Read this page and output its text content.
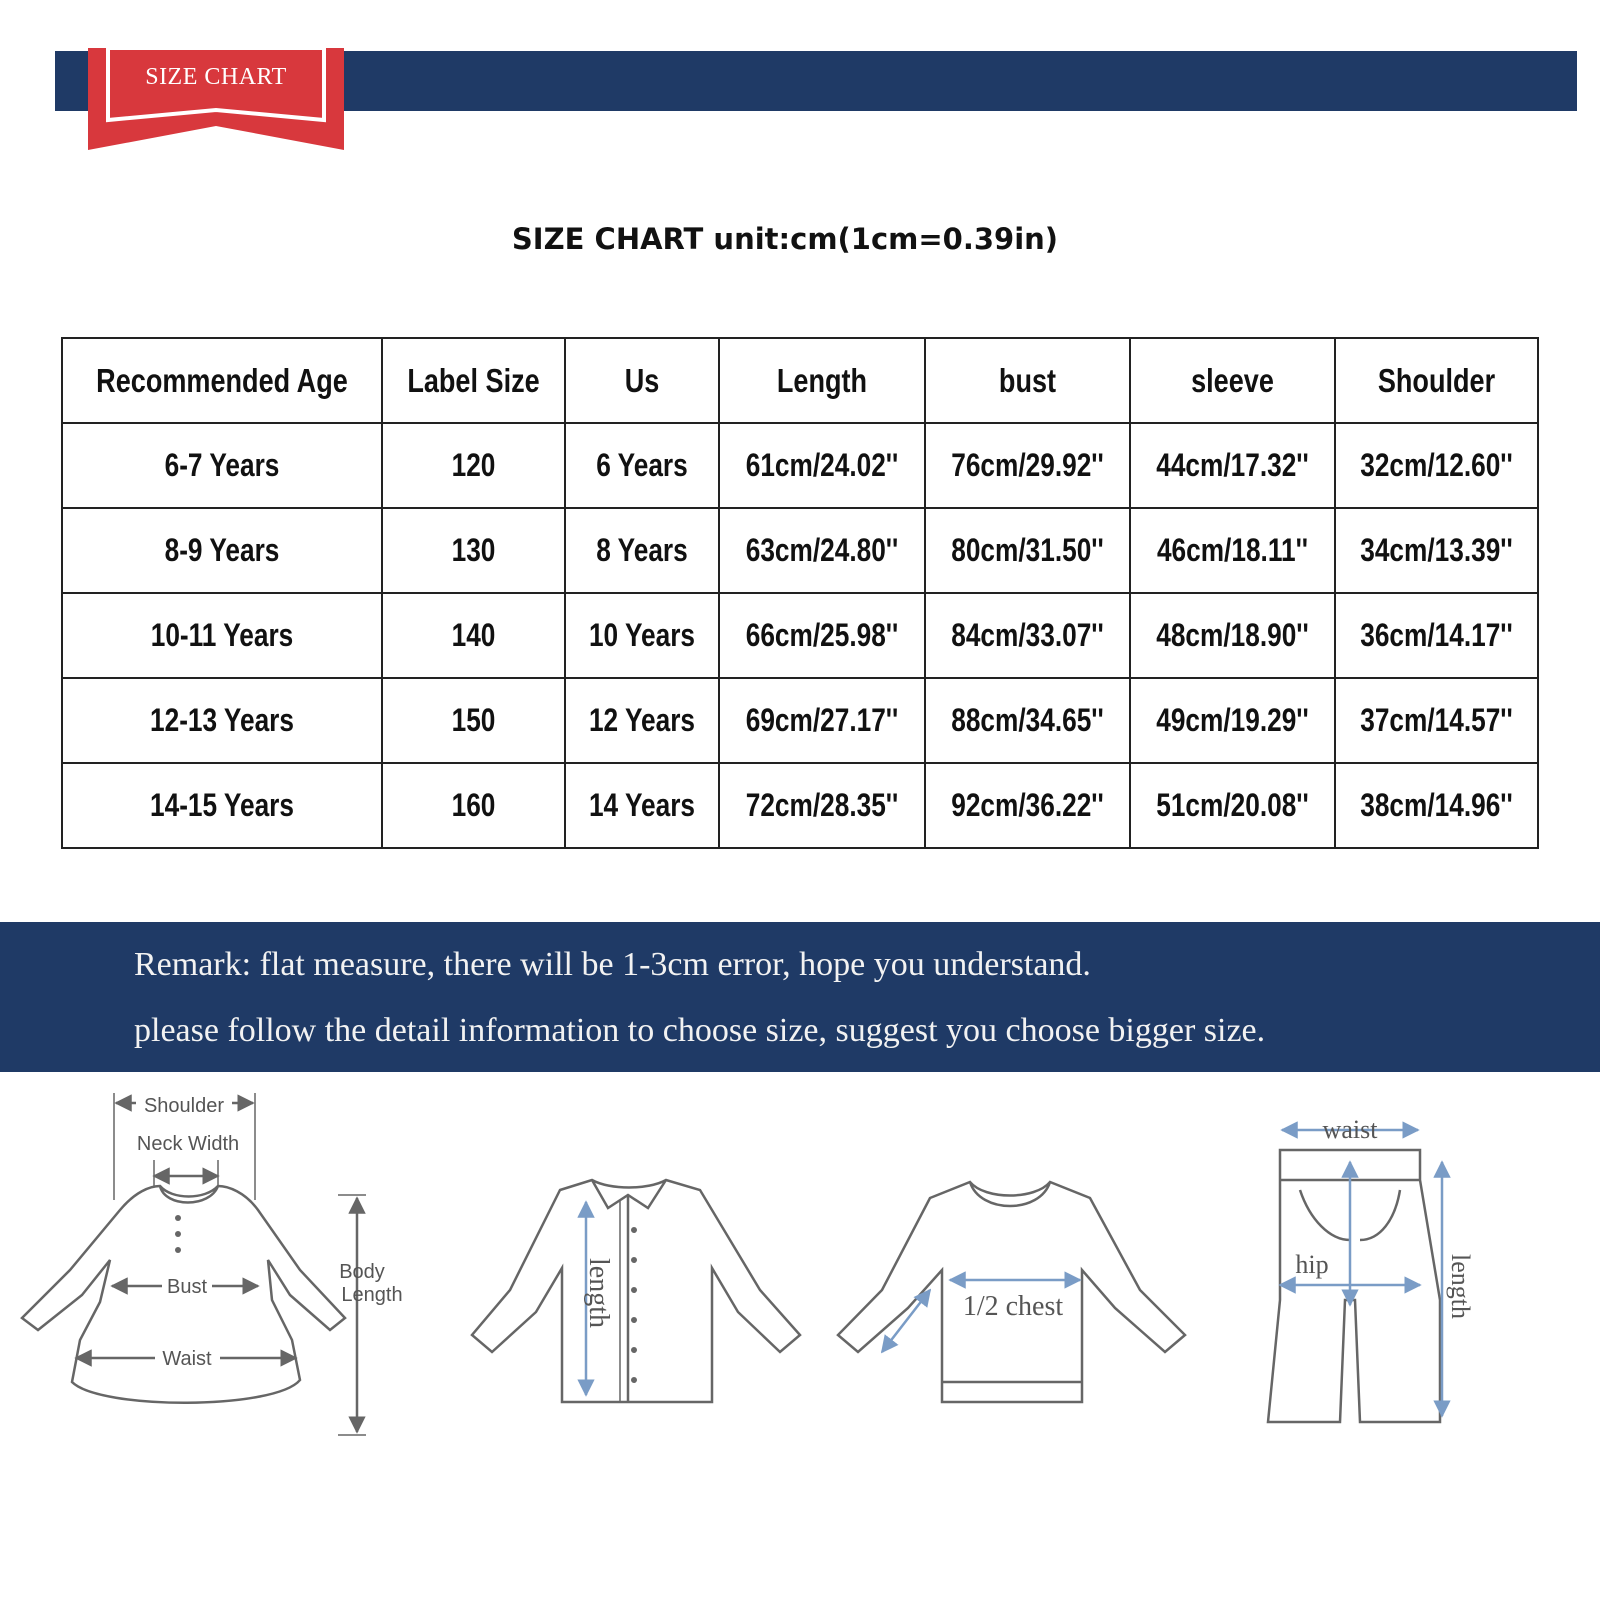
SIZE CHART
SIZE CHART unit:cm(1cm=0.39in)
Recommended Age	Label Size	Us	Length	bust	sleeve	Shoulder
6-7 Years	120	6 Years	61cm/24.02''	76cm/29.92''	44cm/17.32''	32cm/12.60''
8-9 Years	130	8 Years	63cm/24.80''	80cm/31.50''	46cm/18.11''	34cm/13.39''
10-11 Years	140	10 Years	66cm/25.98''	84cm/33.07''	48cm/18.90''	36cm/14.17''
12-13 Years	150	12 Years	69cm/27.17''	88cm/34.65''	49cm/19.29''	37cm/14.57''
14-15 Years	160	14 Years	72cm/28.35''	92cm/36.22''	51cm/20.08''	38cm/14.96''
Remark: flat measure, there will be 1-3cm error, hope you understand.
please follow the detail information to choose size, suggest you choose bigger size.
Shoulder
Neck Width
Body
Length
Bust
Waist
length	1/2 chest
waist
hip	length
